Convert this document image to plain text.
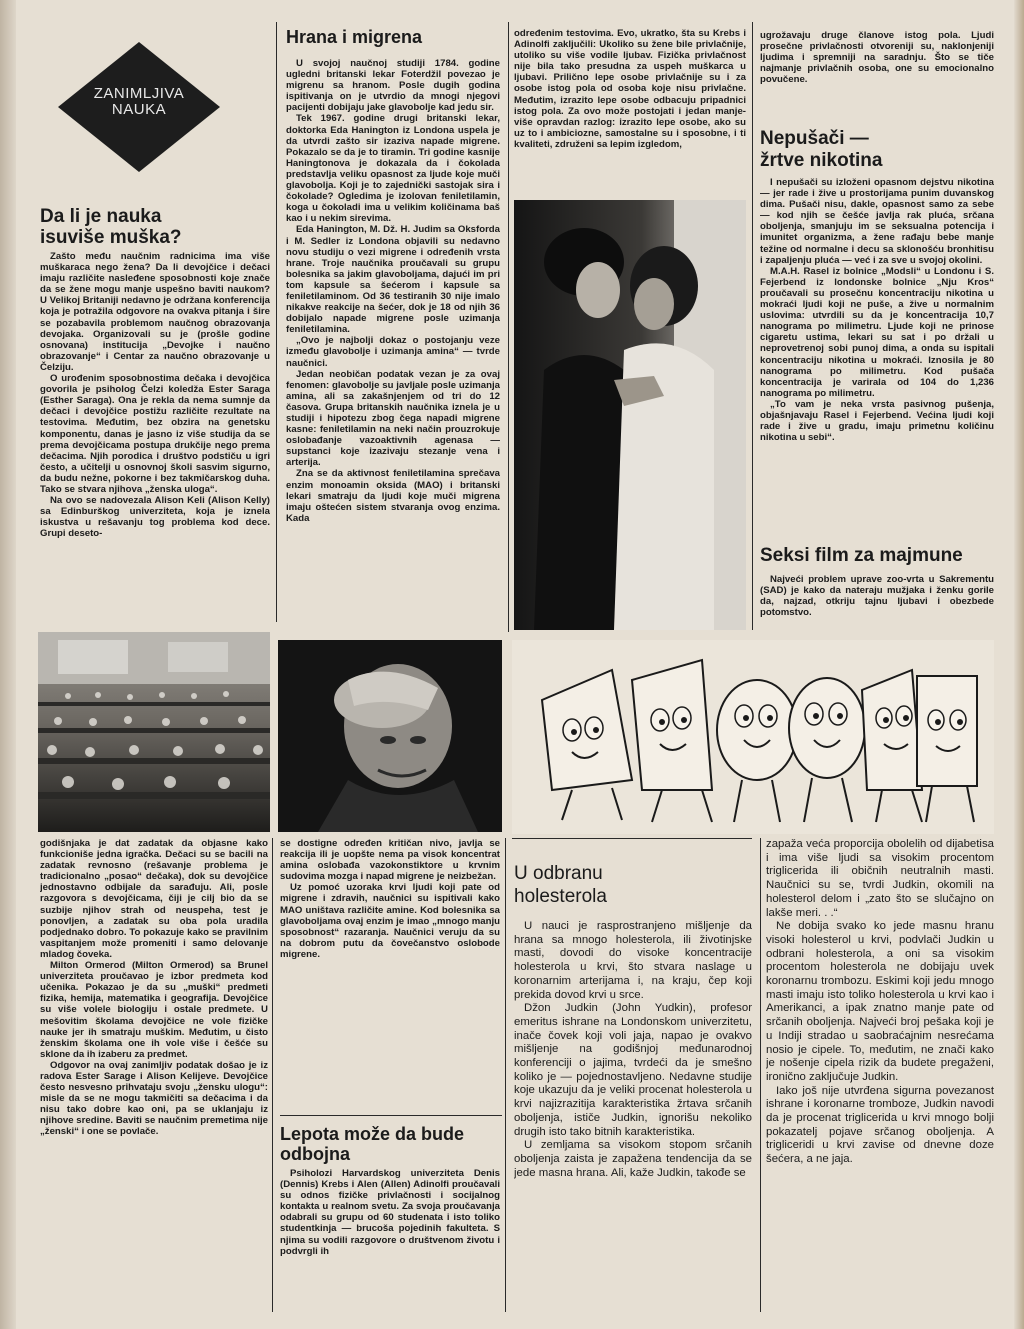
ZANIMLJIVA
NAUKA
Da li je nauka
isuviše muška?

Zašto među naučnim radnicima ima više muškaraca nego žena? Da li devojčice i dečaci imaju različite nasleđene sposobnosti koje znače da se žene mogu manje uspešno baviti naukom? U Velikoj Britaniji nedavno je održana konferencija koja je potražila odgovore na ovakva pitanja i šire se pozabavila problemom naučnog obrazovanja devojaka. Organizovali su je (prošle godine osnovana) institucija „Devojke i naučno obrazovanje“ i Centar za naučno obrazovanje u Čelziju.

O urođenim sposobnostima dečaka i devojčica govorila je psiholog Čelzi koledža Ester Saraga (Esther Saraga). Ona je rekla da nema sumnje da dečaci i devojčice postižu različite rezultate na testovima. Međutim, bez obzira na genetsku komponentu, danas je jasno iz više studija da se prema devojčicama postupa drukčije nego prema dečacima. Njih porodica i društvo podstiču u igri često, a učitelji u osnovnoj školi sasvim sigurno, da budu nežne, pokorne i bez takmičarskog duha. Tako se stvara njihova „ženska uloga“.

Na ovo se nadovezala Alison Keli (Alison Kelly) sa Edinburškog univerziteta, koja je iznela iskustva u rešavanju tog problema kod dece. Grupi deseto-

godišnjaka je dat zadatak da objasne kako funkcioniše jedna igračka. Dečaci su se bacili na zadatak revnosno (rešavanje problema je tradicionalno „posao“ dečaka), dok su devojčice jednostavno odbijale da sarađuju. Ali, posle razgovora s devojčicama, čiji je cilj bio da se suzbije njihov strah od neuspeha, test je ponovljen, a zadatak su oba pola uradila podjednako dobro. To pokazuje kako se pravilnim vaspitanjem može promeniti i samo delovanje mladog čoveka.

Milton Ormerod (Milton Ormerod) sa Brunel univerziteta proučavao je izbor predmeta kod učenika. Pokazao je da su „muški“ predmeti fizika, hemija, matematika i geografija. Devojčice su više volele biologiju i ostale predmete. U mešovitim školama devojčice ne vole fizičke nauke jer ih smatraju muškim. Međutim, u čisto ženskim školama one ih vole više i češće su sklone da ih izaberu za predmet.

Odgovor na ovaj zanimljiv podatak došao je iz radova Ester Sarage i Alison Kelijeve. Devojčice često nesvesno prihvataju svoju „žensku ulogu“: misle da se ne mogu takmičiti sa dečacima i da nisu tako dobre kao oni, pa se uklanjaju iz njihove sredine. Baviti se naučnim premetima nije „ženski“ i one se povlače.

Hrana i migrena

U svojoj naučnoj studiji 1784. godine ugledni britanski lekar Foterdžil povezao je migrenu sa hranom. Posle dugih godina ispitivanja on je utvrdio da mnogi njegovi pacijenti dobijaju jake glavobolje kad jedu sir.

Tek 1967. godine drugi britanski lekar, doktorka Eda Hanington iz Londona uspela je da utvrdi zašto sir izaziva napade migrene. Pokazalo se da je to tiramin. Tri godine kasnije Haningtonova je dokazala da i čokolada predstavlja veliku opasnost za ljude koje muči glavobolja. Koji je to zajednički sastojak sira i čokolade? Ogledima je izolovan feniletilamin, koga u čokoladi ima u velikim količinama baš kao i u nekim sirevima.

Eda Hanington, M. Dž. H. Judim sa Oksforda i M. Sedler iz Londona objavili su nedavno novu studiju o vezi migrene i određenih vrsta hrane. Troje naučnika proučavali su grupu bolesnika sa jakim glavoboljama, dajući im pri tom kapsule sa šećerom i kapsule sa feniletilaminom. Od 36 testiranih 30 nije imalo nikakve reakcije na šećer, dok je 18 od njih 36 dobijalo napade migrene posle uzimanja feniletilamina.

„Ovo je najbolji dokaz o postojanju veze između glavobolje i uzimanja amina“ — tvrde naučnici.

Jedan neobičan podatak vezan je za ovaj fenomen: glavobolje su javljale posle uzimanja amina, ali sa zakašnjenjem od tri do 12 časova. Grupa britanskih naučnika iznela je u studiji i hipotezu zbog čega napadi migrene kasne: feniletilamin na neki način prouzrokuje oslobađanje vazoaktivnih agenasa — supstanci koje izazivaju stezanje vena i arterija.

Zna se da aktivnost feniletilamina sprečava enzim monoamin oksida (MAO) i britanski lekari smatraju da ljudi koje muči migrena imaju oštećen sistem stvaranja ovog enzima. Kada

se dostigne određen kritičan nivo, javlja se reakcija ili je uopšte nema pa visok koncentrat amina oslobađa vazokonstiktore u krvnim sudovima mozga i napad migrene je neizbežan.

Uz pomoć uzoraka krvi ljudi koji pate od migrene i zdravih, naučnici su ispitivali kako MAO uništava različite amine. Kod bolesnika sa glavoboljama ovaj enzim je imao „mnogo manju sposobnost“ razaranja. Naučnici veruju da su na dobrom putu da čovečanstvo oslobode migrene.

određenim testovima. Evo, ukratko, šta su Krebs i Adinolfi zaključili: Ukoliko su žene bile privlačnije, utoliko su više vodile ljubav. Fizička privlačnost nije bila tako presudna za uspeh muškarca u ljubavi. Prilično lepe osobe privlačnije su i za osobe istog pola od osoba koje nisu privlačne. Međutim, izrazito lepe osobe odbacuju pripadnici istog pola. Za ovo može postojati i jedan manje-više opravdan razlog: izrazito lepe osobe, ako su uz to i ambiciozne, samostalne su i sposobne, i ti kvaliteti, združeni sa lepim izgledom,

Lepota može da bude
odbojna

Psiholozi Harvardskog univerziteta Denis (Dennis) Krebs i Alen (Allen) Adinolfi proučavali su odnos fizičke privlačnosti i socijalnog kontakta u realnom svetu. Za svoja proučavanja odabrali su grupu od 60 studenata i isto toliko studentkinja — brucoša pojedinih fakulteta. S njima su vodili razgovore o društvenom životu i podvrgli ih

ugrožavaju druge članove istog pola. Ljudi prosečne privlačnosti otvoreniji su, naklonjeniji ljudima i spremniji na saradnju. Što se tiče najmanje privlačnih osoba, one su emocionalno povučene.

Nepušači —
žrtve nikotina

I nepušači su izloženi opasnom dejstvu nikotina — jer rade i žive u prostorijama punim duvanskog dima. Pušači nisu, dakle, opasnost samo za sebe — kod njih se češće javlja rak pluća, srčana oboljenja, smanjuju im se seksualna potencija i imunitet organizma, a žene rađaju bebe manje težine od normalne i decu sa sklonošću bronhitisu i zapaljenju pluća — već i za sve u svojoj okolini.

M.A.H. Rasel iz bolnice „Modsli“ u Londonu i S. Fejerbend iz londonske bolnice „Nju Kros“ proučavali su prosečnu koncentraciju nikotina u mokraći ljudi koji ne puše, a žive u normalnim uslovima: utvrdili su da je koncentracija 10,7 nanograma po milimetru. Ljude koji ne prinose cigaretu ustima, lekari su sat i po držali u neprovetrenoj sobi punoj dima, a onda su ispitali koncentraciju nikotina u mokraći. Iznosila je 80 nanograma po milimetru. Kod pušača koncentracija je varirala od 104 do 1,236 nanograma po milimetru.

„To vam je neka vrsta pasivnog pušenja, objašnjavaju Rasel i Fejerbend. Većina ljudi koji rade i žive u gradu, imaju primetnu količinu nikotina u sebi“.

Seksi film za majmune

Najveći problem uprave zoo-vrta u Sakrementu (SAD) je kako da nateraju mužjaka i ženku gorile da, najzad, otkriju tajnu ljubavi i obezbede potomstvo.

U odbranu
holesterola

U nauci je rasprostranjeno mišljenje da hrana sa mnogo holesterola, ili životinjske masti, dovodi do visoke koncentracije holesterola u krvi, što stvara naslage u koronarnim arterijama i, na kraju, čep koji prekida dovod krvi u srce.

Džon Judkin (John Yudkin), profesor emeritus ishrane na Londonskom univerzitetu, inače čovek koji voli jaja, napao je ovakvo mišljenje na godišnjoj međunarodnoj konferenciji o jajima, tvrdeći da je smešno koliko je — pojednostavljeno. Nedavne studije koje ukazuju da je veliki procenat holesterola u krvi najizrazitija karakteristika žrtava srčanih oboljenja, ističe Judkin, ignorišu nekoliko drugih isto tako bitnih karakteristika.

U zemljama sa visokom stopom srčanih oboljenja zaista je zapažena tendencija da se jede masna hrana. Ali, kaže Judkin, takođe se

zapaža veća proporcija obolelih od dijabetisa i ima više ljudi sa visokim procentom triglicerida ili običnih neutralnih masti. Naučnici su se, tvrdi Judkin, okomili na holesterol delom i „zato što se slučajno on lakše meri. . .“

Ne dobija svako ko jede masnu hranu visoki holesterol u krvi, podvlači Judkin u odbrani holesterola, a oni sa visokim procentom holesterola ne dobijaju uvek koronarnu trombozu. Eskimi koji jedu mnogo masti imaju isto toliko holesterola u krvi kao i Amerikanci, a ipak znatno manje pate od srčanih oboljenja. Najveći broj pešaka koji je u Indiji stradao u saobraćajnim nesrećama nosio je cipele. To, međutim, ne znači kako je nošenje cipela rizik da budete pregaženi, ironično zaključuje Judkin.

Iako još nije utvrđena sigurna povezanost ishrane i koronarne tromboze, Judkin navodi da je procenat triglicerida u krvi mnogo bolji pokazatelj pojave srčanog oboljenja. A trigliceridi u krvi zavise od dnevne doze šećera, a ne jaja.
